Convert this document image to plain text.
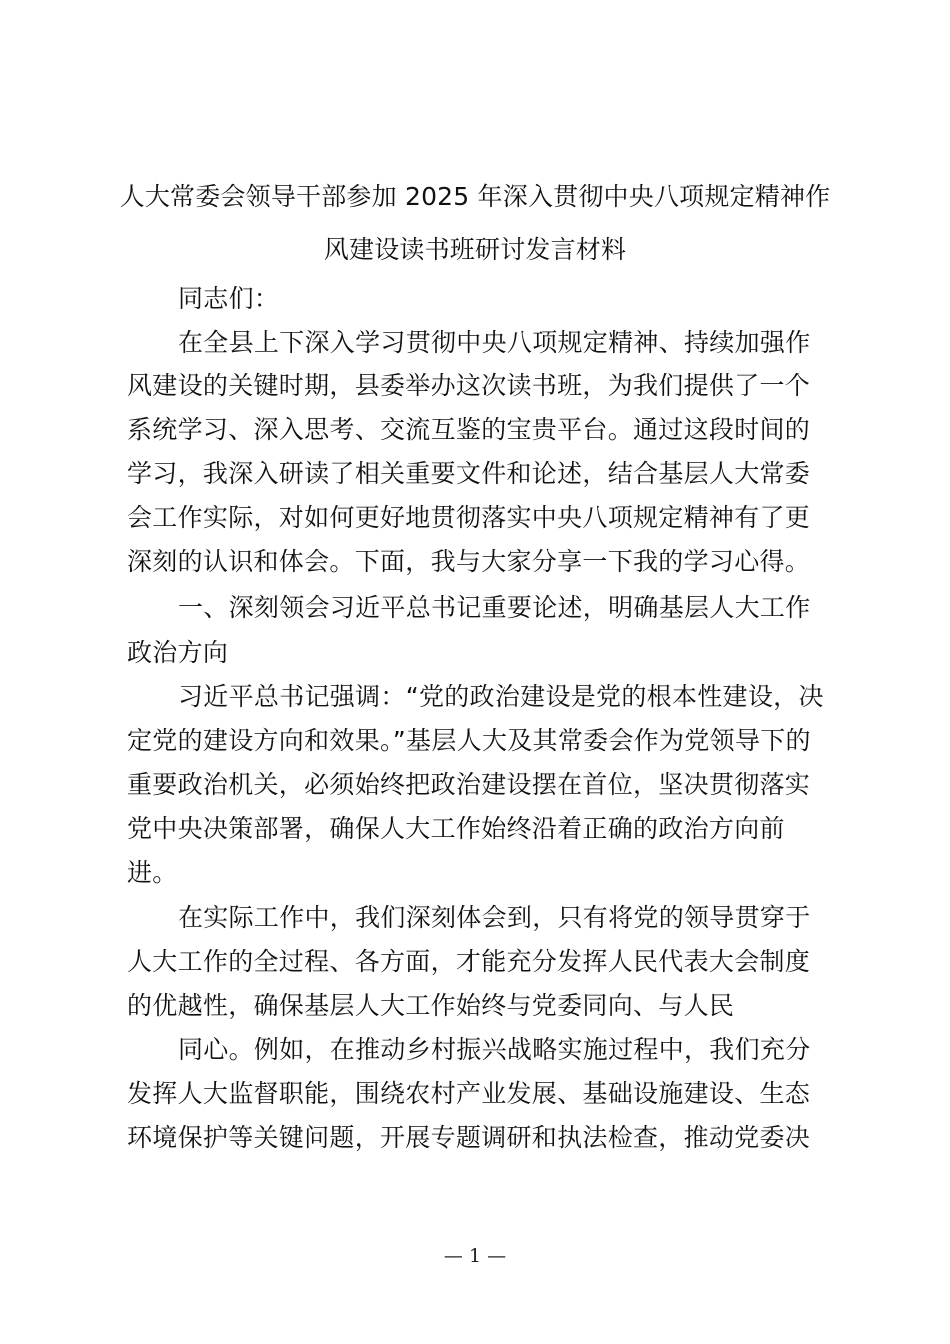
人大常委会领导干部参加 2025 年深入贯彻中央八项规定精神作
风建设读书班研讨发言材料
同志们：
在全县上下深入学习贯彻中央八项规定精神、持续加强作
风建设的关键时期，县委举办这次读书班，为我们提供了一个
系统学习、深入思考、交流互鉴的宝贵平台。通过这段时间的
学习，我深入研读了相关重要文件和论述，结合基层人大常委
会工作实际，对如何更好地贯彻落实中央八项规定精神有了更
深刻的认识和体会。下面，我与大家分享一下我的学习心得。
一、深刻领会习近平总书记重要论述，明确基层人大工作
政治方向
习近平总书记强调：“党的政治建设是党的根本性建设，决
定党的建设方向和效果。”基层人大及其常委会作为党领导下的
重要政治机关，必须始终把政治建设摆在首位，坚决贯彻落实
党中央决策部署，确保人大工作始终沿着正确的政治方向前
进。
在实际工作中，我们深刻体会到，只有将党的领导贯穿于
人大工作的全过程、各方面，才能充分发挥人民代表大会制度
的优越性，确保基层人大工作始终与党委同向、与人民
同心。例如，在推动乡村振兴战略实施过程中，我们充分
发挥人大监督职能，围绕农村产业发展、基础设施建设、生态
环境保护等关键问题，开展专题调研和执法检查，推动党委决
— 1 —
